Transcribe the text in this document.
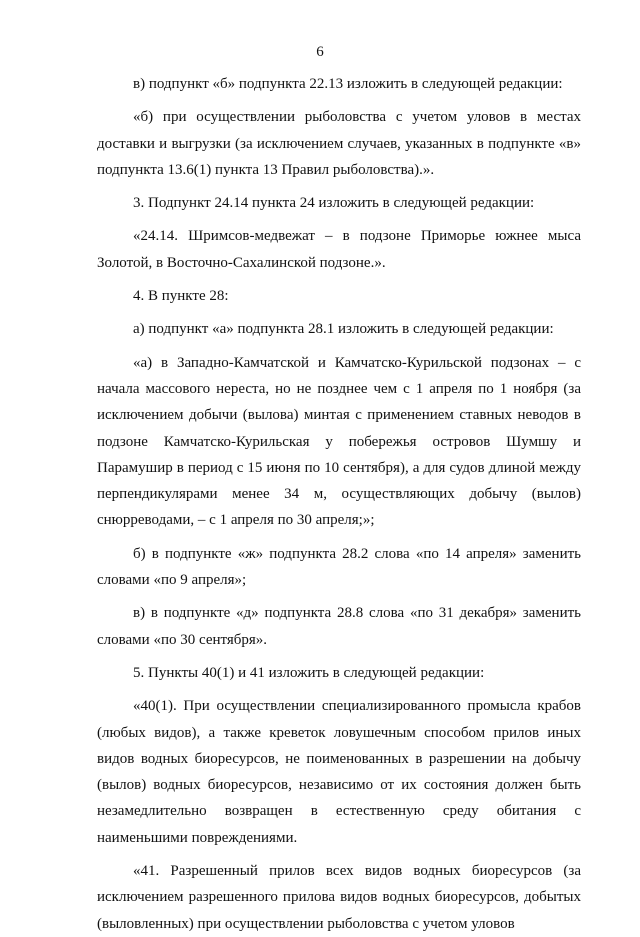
6

в) подпункт «б» подпункта 22.13 изложить в следующей редакции:

«б) при осуществлении рыболовства с учетом уловов в местах доставки и выгрузки (за исключением случаев, указанных в подпункте «в» подпункта 13.6(1) пункта 13 Правил рыболовства).».

3. Подпункт 24.14 пункта 24 изложить в следующей редакции:

«24.14. Шримсов-медвежат – в подзоне Приморье южнее мыса Золотой, в Восточно-Сахалинской подзоне.».

4. В пункте 28:

а) подпункт «а» подпункта 28.1 изложить в следующей редакции:

«а) в Западно-Камчатской и Камчатско-Курильской подзонах – с начала массового нереста, но не позднее чем с 1 апреля по 1 ноября (за исключением добычи (вылова) минтая с применением ставных неводов в подзоне Камчатско-Курильская у побережья островов Шумшу и Парамушир в период с 15 июня по 10 сентября), а для судов длиной между перпендикулярами менее 34 м, осуществляющих добычу (вылов) снюрреводами, – с 1 апреля по 30 апреля;»;

б) в подпункте «ж» подпункта 28.2 слова «по 14 апреля» заменить словами «по 9 апреля»;

в) в подпункте «д» подпункта 28.8 слова «по 31 декабря» заменить словами «по 30 сентября».

5. Пункты 40(1) и 41 изложить в следующей редакции:

«40(1). При осуществлении специализированного промысла крабов (любых видов), а также креветок ловушечным способом прилов иных видов водных биоресурсов, не поименованных в разрешении на добычу (вылов) водных биоресурсов, независимо от их состояния должен быть незамедлительно возвращен в естественную среду обитания с наименьшими повреждениями.

«41. Разрешенный прилов всех видов водных биоресурсов (за исключением разрешенного прилова видов водных биоресурсов, добытых (выловленных) при осуществлении рыболовства с учетом уловов
